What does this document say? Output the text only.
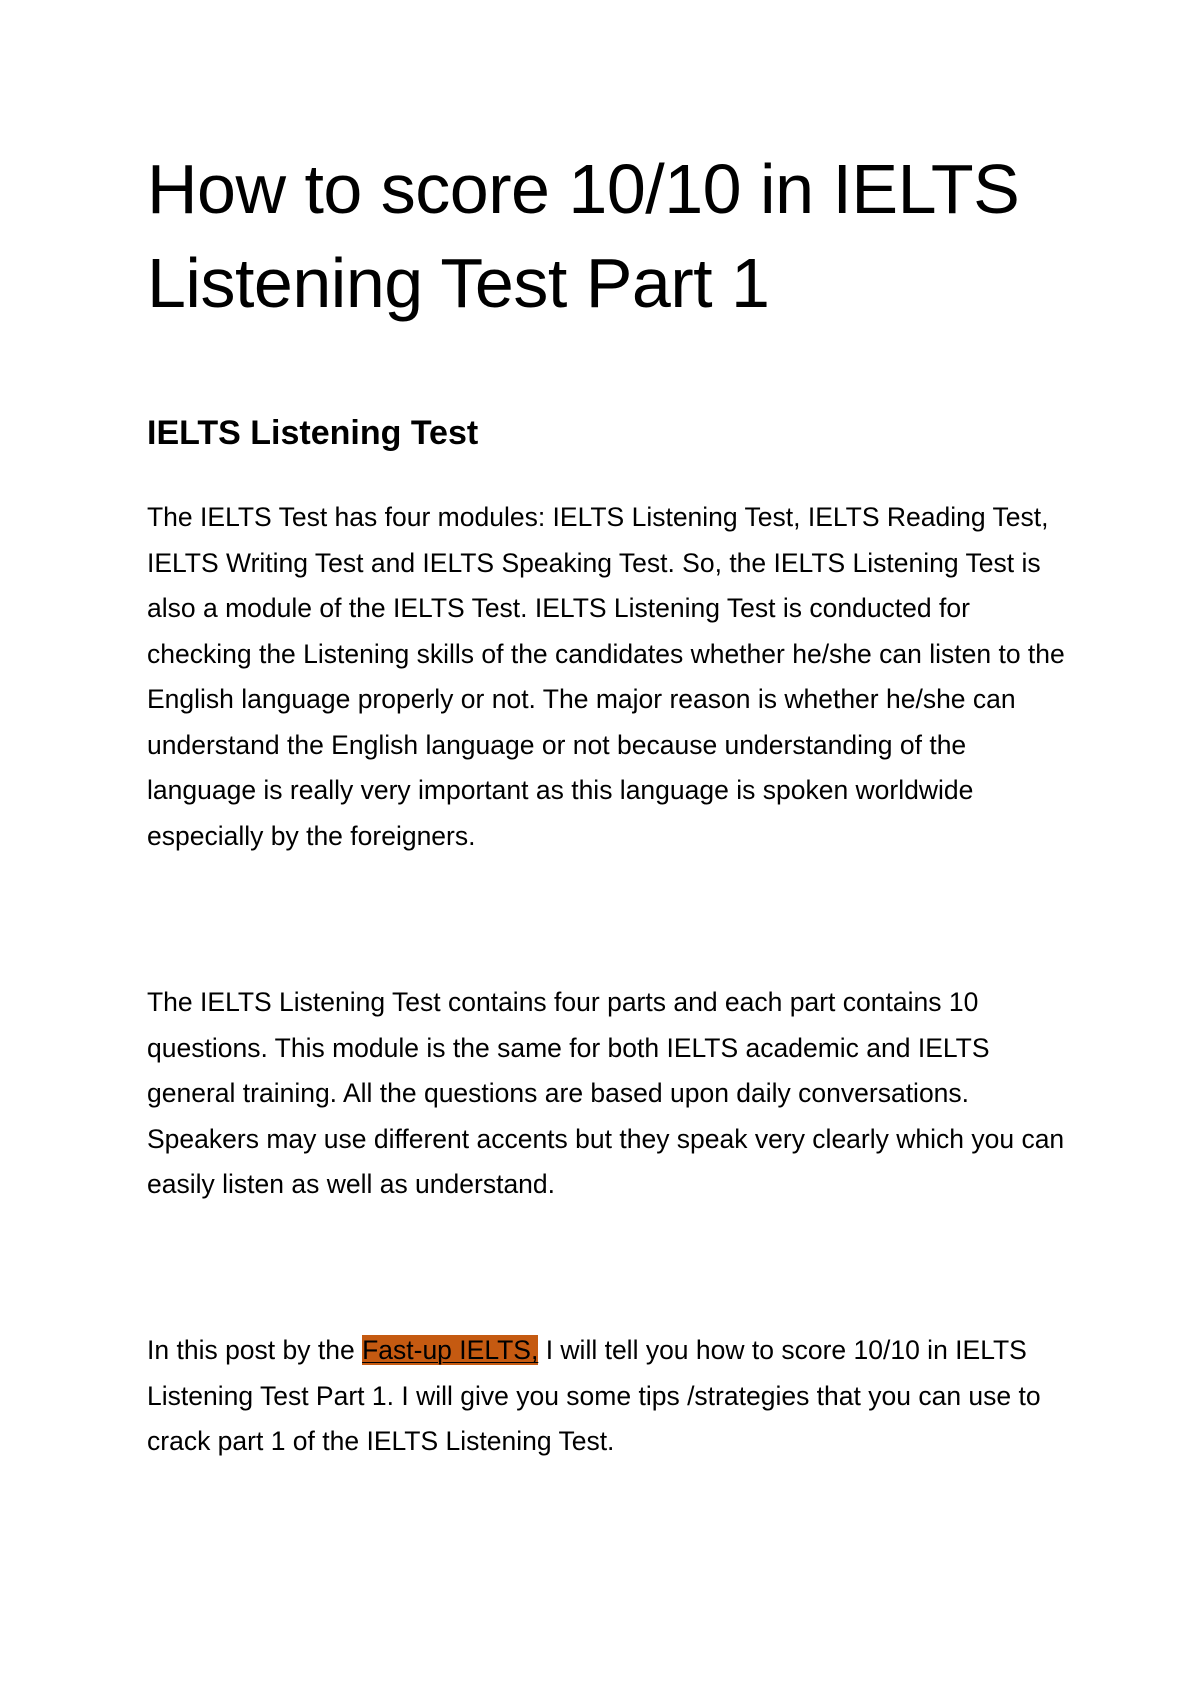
How to score 10/10 in IELTS Listening Test Part 1
IELTS Listening Test

The IELTS Test has four modules: IELTS Listening Test, IELTS Reading Test, IELTS Writing Test and IELTS Speaking Test. So, the IELTS Listening Test is also a module of the IELTS Test. IELTS Listening Test is conducted for checking the Listening skills of the candidates whether he/she can listen to the English language properly or not. The major reason is whether he/she can understand the English language or not because understanding of the language is really very important as this language is spoken worldwide especially by the foreigners.

The IELTS Listening Test contains four parts and each part contains 10 questions. This module is the same for both IELTS academic and IELTS general training. All the questions are based upon daily conversations. Speakers may use different accents but they speak very clearly which you can easily listen as well as understand.

In this post by the Fast-up IELTS, I will tell you how to score 10/10 in IELTS Listening Test Part 1. I will give you some tips /strategies that you can use to crack part 1 of the IELTS Listening Test.
